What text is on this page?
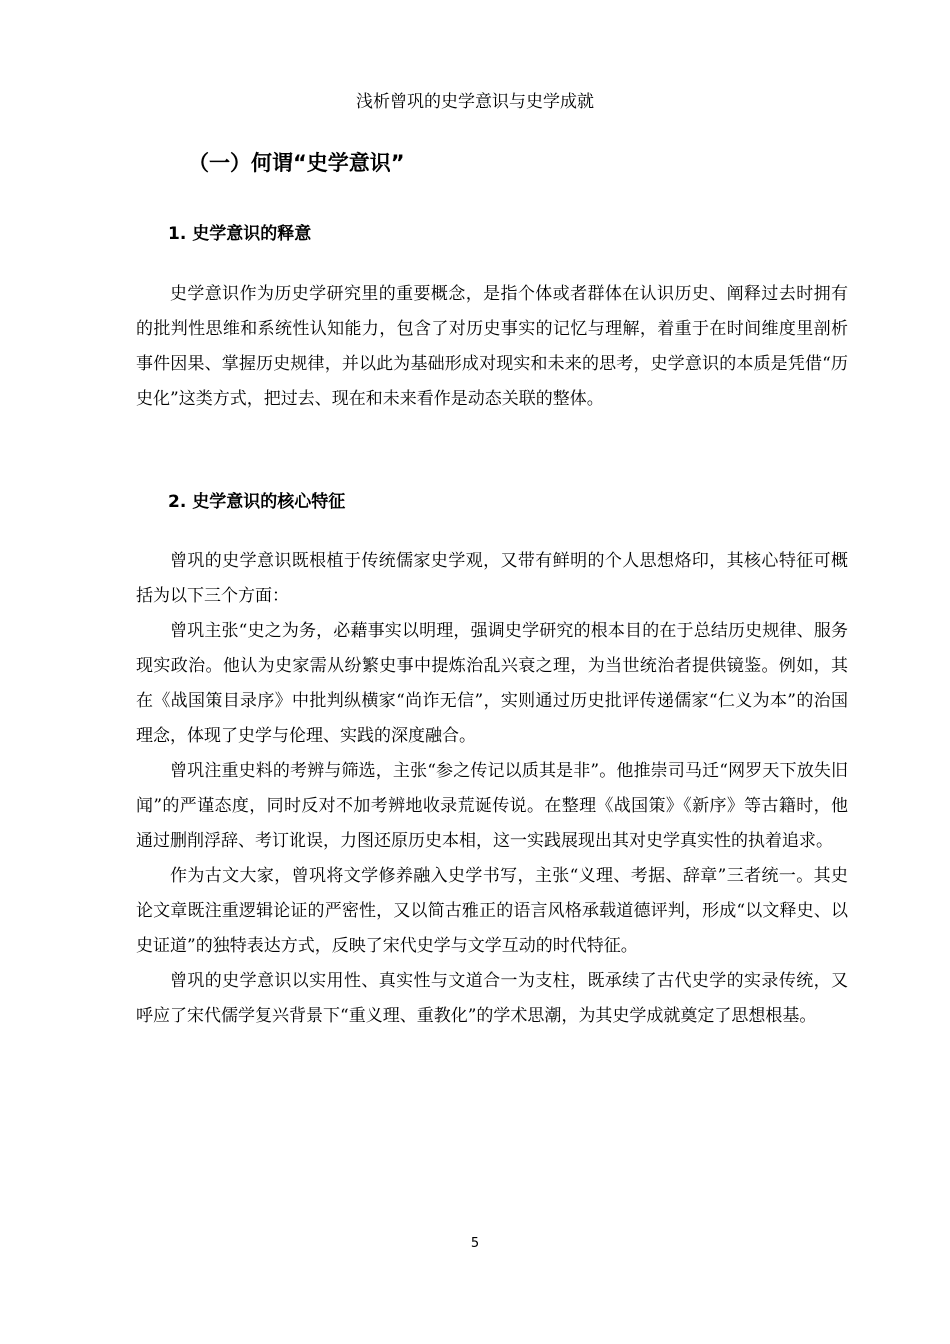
浅析曾巩的史学意识与史学成就
（一）何谓“史学意识”
1. 史学意识的释意

史学意识作为历史学研究里的重要概念，是指个体或者群体在认识历史、阐释过去时拥有的批判性思维和系统性认知能力，包含了对历史事实的记忆与理解，着重于在时间维度里剖析事件因果、掌握历史规律，并以此为基础形成对现实和未来的思考，史学意识的本质是凭借“历史化”这类方式，把过去、现在和未来看作是动态关联的整体。

2. 史学意识的核心特征

曾巩的史学意识既根植于传统儒家史学观，又带有鲜明的个人思想烙印，其核心特征可概括为以下三个方面：

曾巩主张“史之为务，必藉事实以明理，强调史学研究的根本目的在于总结历史规律、服务现实政治。他认为史家需从纷繁史事中提炼治乱兴衰之理，为当世统治者提供镜鉴。例如，其在《战国策目录序》中批判纵横家“尚诈无信”，实则通过历史批评传递儒家“仁义为本”的治国理念，体现了史学与伦理、实践的深度融合。

曾巩注重史料的考辨与筛选，主张“参之传记以质其是非”。他推崇司马迁“网罗天下放失旧闻”的严谨态度，同时反对不加考辨地收录荒诞传说。在整理《战国策》《新序》等古籍时，他通过删削浮辞、考订讹误，力图还原历史本相，这一实践展现出其对史学真实性的执着追求。

作为古文大家，曾巩将文学修养融入史学书写，主张“义理、考据、辞章”三者统一。其史论文章既注重逻辑论证的严密性，又以简古雅正的语言风格承载道德评判，形成“以文释史、以史证道”的独特表达方式，反映了宋代史学与文学互动的时代特征。

曾巩的史学意识以实用性、真实性与文道合一为支柱，既承续了古代史学的实录传统，又呼应了宋代儒学复兴背景下“重义理、重教化”的学术思潮，为其史学成就奠定了思想根基。

5
